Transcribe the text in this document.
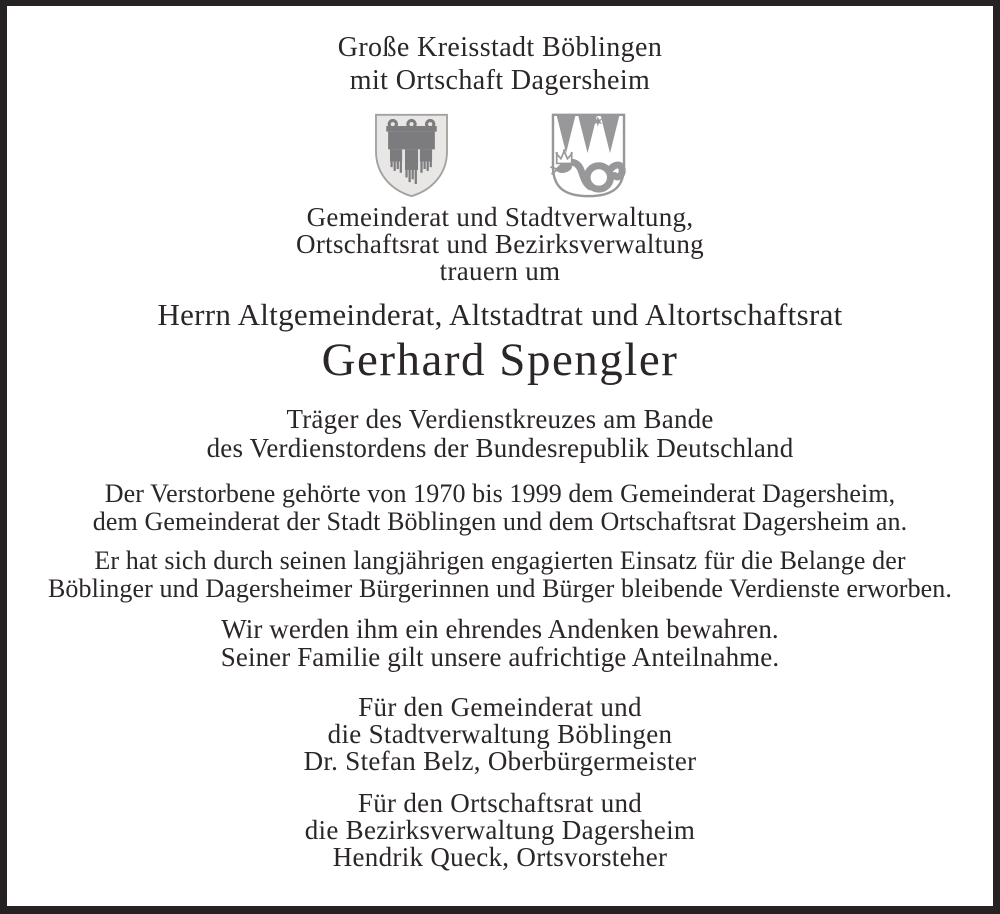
Große Kreisstadt Böblingen
mit Ortschaft Dagersheim
Gemeinderat und Stadtverwaltung,
Ortschaftsrat und Bezirksverwaltung
trauern um
Herrn Altgemeinderat, Altstadtrat und Altortschaftsrat
Gerhard Spengler
Träger des Verdienstkreuzes am Bande
des Verdienstordens der Bundesrepublik Deutschland
Der Verstorbene gehörte von 1970 bis 1999 dem Gemeinderat Dagersheim,
dem Gemeinderat der Stadt Böblingen und dem Ortschaftsrat Dagersheim an.
Er hat sich durch seinen langjährigen engagierten Einsatz für die Belange der
Böblinger und Dagersheimer Bürgerinnen und Bürger bleibende Verdienste erworben.
Wir werden ihm ein ehrendes Andenken bewahren.
Seiner Familie gilt unsere aufrichtige Anteilnahme.
Für den Gemeinderat und
die Stadtverwaltung Böblingen
Dr. Stefan Belz, Oberbürgermeister
Für den Ortschaftsrat und
die Bezirksverwaltung Dagersheim
Hendrik Queck, Ortsvorsteher
